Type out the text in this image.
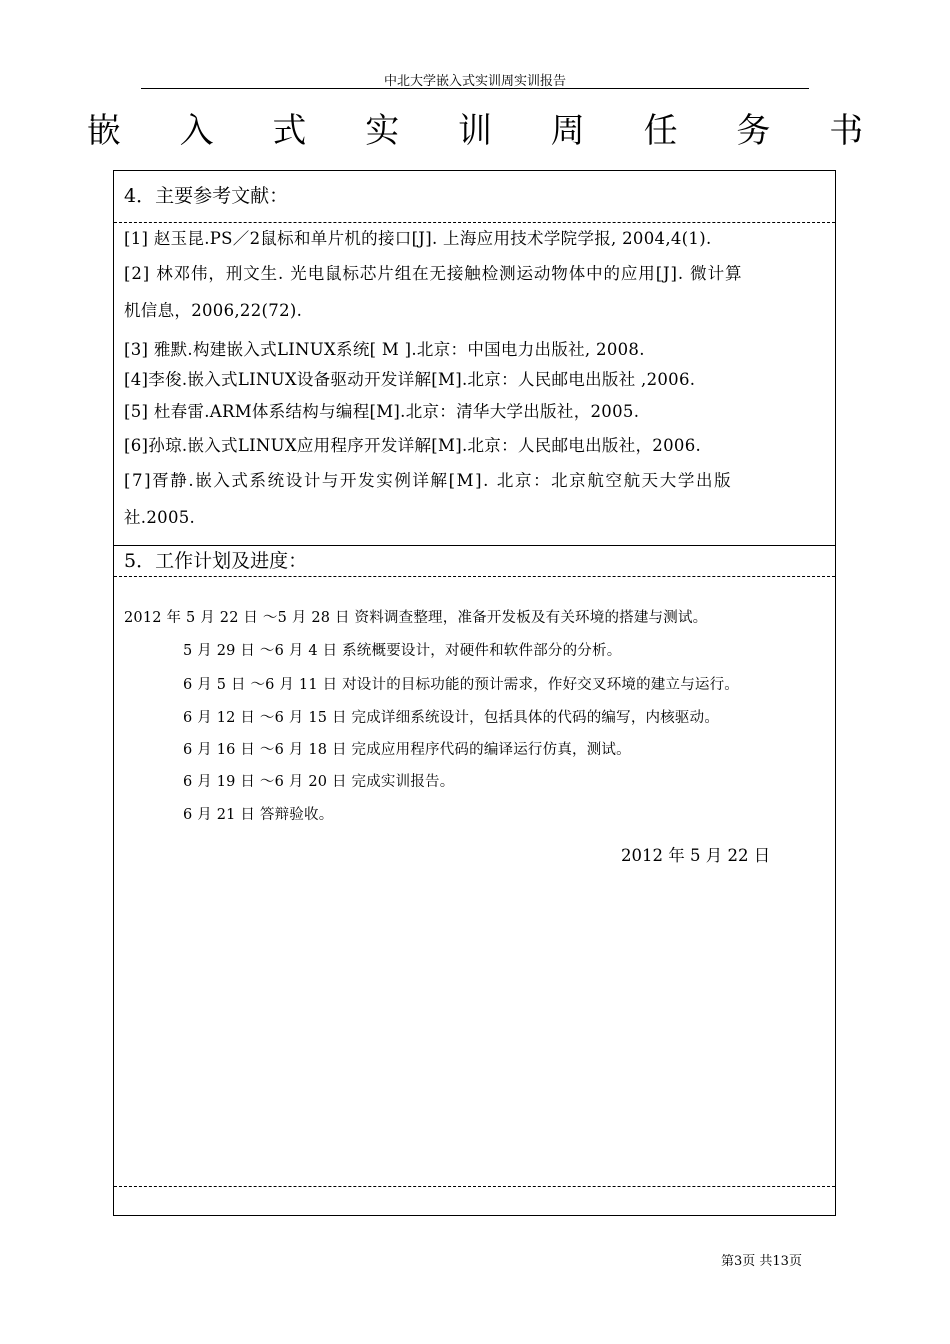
中北大学嵌入式实训周实训报告
嵌 入 式 实 训 周 任 务 书
4．主要参考文献：
[1] 赵玉昆.PS／2鼠标和单片机的接口[J]. 上海应用技术学院学报, 2004,4(1).
[2] 林邓伟，刑文生. 光电鼠标芯片组在无接触检测运动物体中的应用[J]. 微计算
机信息，2006,22(72).
[3] 雅默.构建嵌入式LINUX系统[ M ].北京：中国电力出版社, 2008.
[4]李俊.嵌入式LINUX设备驱动开发详解[M].北京：人民邮电出版社 ,2006.
[5] 杜春雷.ARM体系结构与编程[M].北京：清华大学出版社，2005.
[6]孙琼.嵌入式LINUX应用程序开发详解[M].北京：人民邮电出版社，2006.
[7]胥静.嵌入式系统设计与开发实例详解[M]. 北京：北京航空航天大学出版
社.2005.
5．工作计划及进度：
2012 年 5 月 22 日 ～5 月 28 日 资料调查整理，准备开发板及有关环境的搭建与测试。
5 月 29 日 ～6 月 4 日 系统概要设计，对硬件和软件部分的分析。
6 月 5 日 ～6 月 11 日 对设计的目标功能的预计需求，作好交叉环境的建立与运行。
6 月 12 日 ～6 月 15 日 完成详细系统设计，包括具体的代码的编写，内核驱动。
6 月 16 日 ～6 月 18 日 完成应用程序代码的编译运行仿真，测试。
6 月 19 日 ～6 月 20 日 完成实训报告。
6 月 21 日 答辩验收。
2012 年 5 月 22 日
第3页 共13页
